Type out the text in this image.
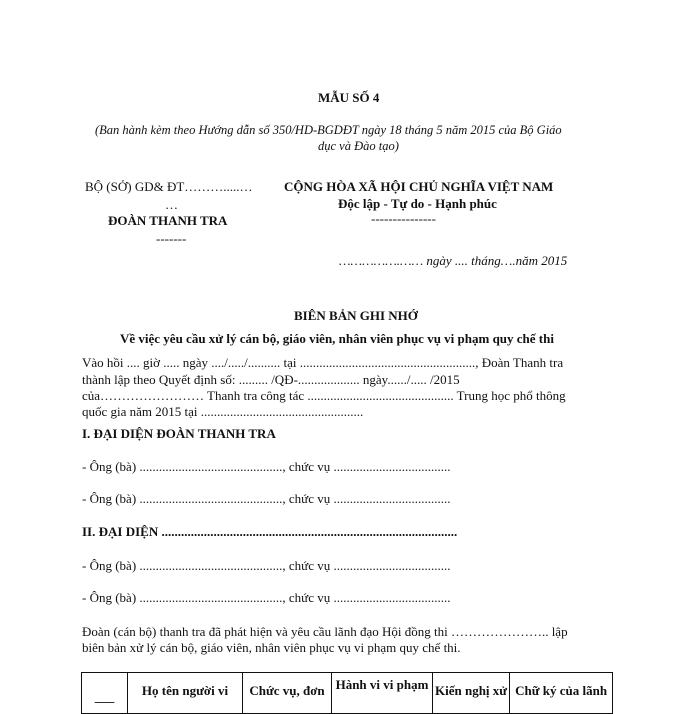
MẪU SỐ 4
(Ban hành kèm theo Hướng dẫn số 350/HD-BGDĐT ngày 18 tháng 5 năm 2015 của Bộ Giáo
dục và Đào tạo)
BỘ (SỞ) GD& ĐT……….....…
…
ĐOÀN THANH TRA
-------
CỘNG HÒA XÃ HỘI CHỦ NGHĨA VIỆT NAM
Độc lập - Tự do - Hạnh phúc
---------------
…………….…… ngày .... tháng….năm 2015
BIÊN BẢN GHI NHỚ
Về việc yêu cầu xử lý cán bộ, giáo viên, nhân viên phục vụ vi phạm quy chế thi
Vào hồi .... giờ ..... ngày ..../...../.......... tại ......................................................, Đoàn Thanh tra
thành lập theo Quyết định số: ......... /QĐ-................... ngày....../..... /2015
của…………………… Thanh tra công tác ............................................. Trung học phổ thông
quốc gia năm 2015 tại ..................................................
I. ĐẠI DIỆN ĐOÀN THANH TRA
- Ông (bà) ............................................, chức vụ ....................................
- Ông (bà) ............................................, chức vụ ....................................
II. ĐẠI DIỆN ...........................................................................................
- Ông (bà) ............................................, chức vụ ....................................
- Ông (bà) ............................................, chức vụ ....................................
Đoàn (cán bộ) thanh tra đã phát hiện và yêu cầu lãnh đạo Hội đồng thi ………………….. lập
biên bản xử lý cán bộ, giáo viên, nhân viên phục vụ vi phạm quy chế thi.
___	Họ tên người vi	Chức vụ, đơn	Hành vi vi phạm	Kiến nghị xử	Chữ ký của lãnh
